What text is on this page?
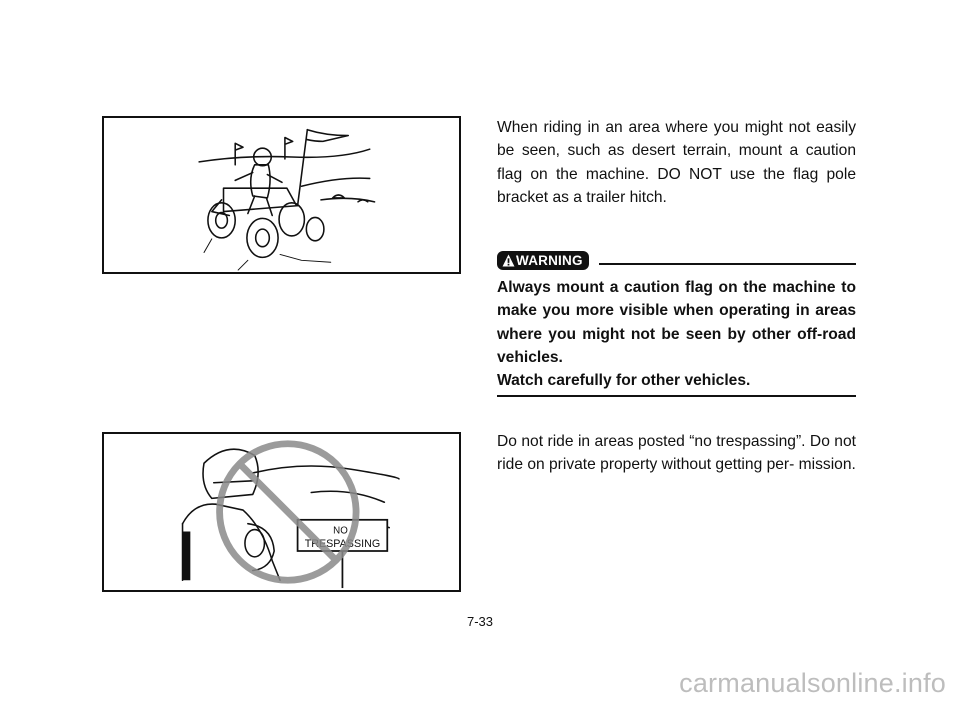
NO
TRESPASSING

When riding in an area where you might not easily be seen, such as desert terrain, mount a caution flag on the machine. DO NOT use the flag pole bracket as a trailer hitch.

WARNING

Always mount a caution flag on the machine to make you more visible when operating in areas where you might not be seen by other off-road vehicles.

Watch carefully for other vehicles.

Do not ride in areas posted “no trespassing”. Do not ride on private property without getting per- mission.

7-33
carmanualsonline.info
